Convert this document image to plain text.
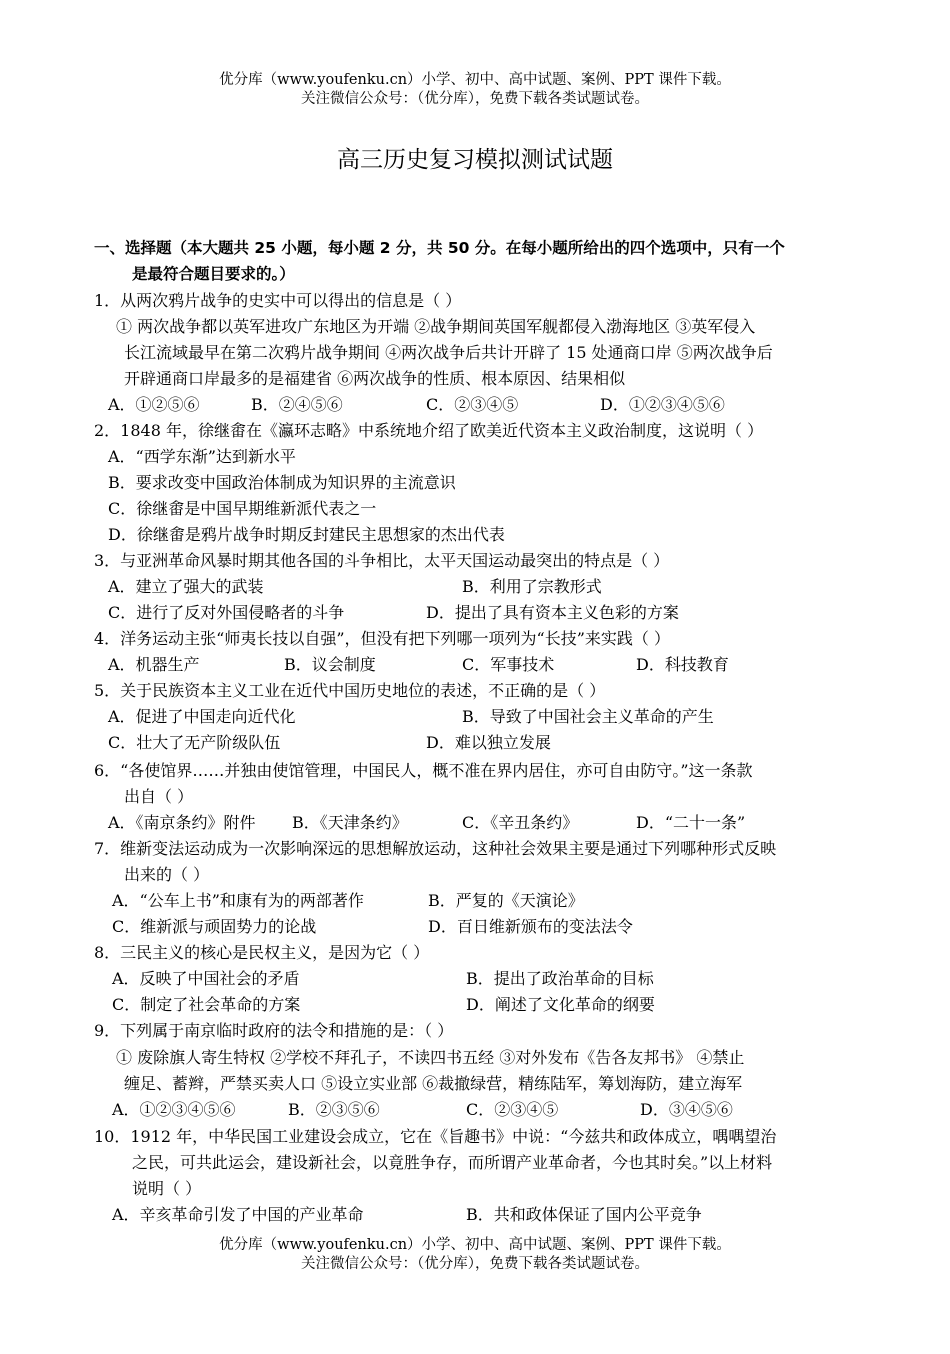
优分库（www.youfenku.cn）小学、初中、高中试题、案例、PPT 课件下载。
关注微信公众号：（优分库），免费下载各类试题试卷。
高三历史复习模拟测试试题
一、选择题（本大题共 25 小题，每小题 2 分，共 50 分。在每小题所给出的四个选项中，只有一个
是最符合题目要求的。）
1．从两次鸦片战争的史实中可以得出的信息是（ ）
① 两次战争都以英军进攻广东地区为开端 ②战争期间英国军舰都侵入渤海地区 ③英军侵入
长江流域最早在第二次鸦片战争期间 ④两次战争后共计开辟了 15 处通商口岸 ⑤两次战争后
开辟通商口岸最多的是福建省 ⑥两次战争的性质、根本原因、结果相似
A．①②⑤⑥	B．②④⑤⑥	C．②③④⑤	D．①②③④⑤⑥
2．1848 年，徐继畬在《瀛环志略》中系统地介绍了欧美近代资本主义政治制度，这说明（ ）
A．“西学东渐”达到新水平
B．要求改变中国政治体制成为知识界的主流意识
C．徐继畬是中国早期维新派代表之一
D．徐继畬是鸦片战争时期反封建民主思想家的杰出代表
3．与亚洲革命风暴时期其他各国的斗争相比，太平天国运动最突出的特点是（ ）
A．建立了强大的武装	B．利用了宗教形式
C．进行了反对外国侵略者的斗争	D．提出了具有资本主义色彩的方案
4．洋务运动主张“师夷长技以自强”，但没有把下列哪一项列为“长技”来实践（ ）
A．机器生产	B．议会制度	C．军事技术	D．科技教育
5．关于民族资本主义工业在近代中国历史地位的表述，不正确的是（ ）
A．促进了中国走向近代化	B．导致了中国社会主义革命的产生
C．壮大了无产阶级队伍	D．难以独立发展
6．“各使馆界……并独由使馆管理，中国民人，概不准在界内居住，亦可自由防守。”这一条款
出自（ ）
A．《南京条约》附件 B．《天津条约》	C．《辛丑条约》	D．“二十一条”
7．维新变法运动成为一次影响深远的思想解放运动，这种社会效果主要是通过下列哪种形式反映
出来的（ ）
A．“公车上书”和康有为的两部著作	B．严复的《天演论》
C．维新派与顽固势力的论战	D．百日维新颁布的变法法令
8．三民主义的核心是民权主义，是因为它（ ）
A．反映了中国社会的矛盾	B．提出了政治革命的目标
C．制定了社会革命的方案	D．阐述了文化革命的纲要
9．下列属于南京临时政府的法令和措施的是：（ ）
① 废除旗人寄生特权 ②学校不拜孔子，不读四书五经 ③对外发布《告各友邦书》 ④禁止
缠足、蓄辫，严禁买卖人口 ⑤设立实业部 ⑥裁撤绿营，精练陆军，筹划海防，建立海军
A．①②③④⑤⑥	B．②③⑤⑥	C．②③④⑤	D．③④⑤⑥
10．1912 年，中华民国工业建设会成立，它在《旨趣书》中说：“今兹共和政体成立，喁喁望治
之民，可共此运会，建设新社会，以竟胜争存，而所谓产业革命者，今也其时矣。”以上材料
说明（ ）
A．辛亥革命引发了中国的产业革命	B．共和政体保证了国内公平竞争
优分库（www.youfenku.cn）小学、初中、高中试题、案例、PPT 课件下载。
关注微信公众号：（优分库），免费下载各类试题试卷。
